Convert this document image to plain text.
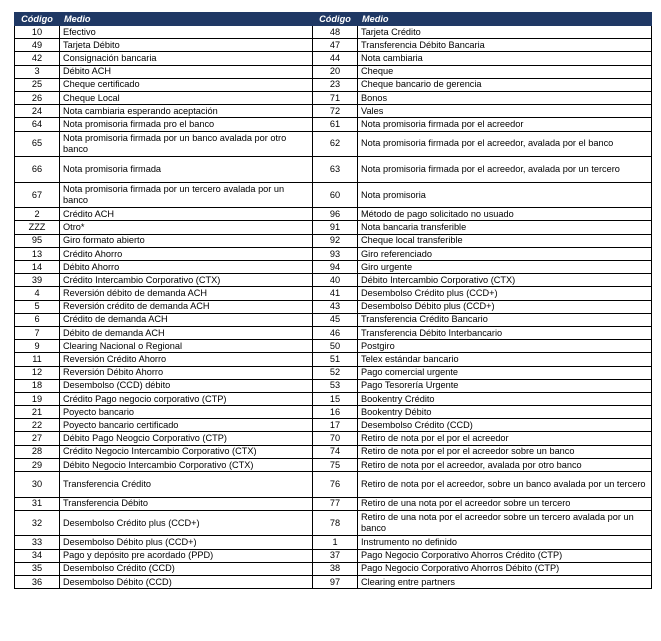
Código	Medio	Código	Medio
10	Efectivo	48	Tarjeta Crédito
49	Tarjeta Débito	47	Transferencia Débito Bancaria
42	Consignación bancaria	44	Nota cambiaria
3	Débito ACH	20	Cheque
25	Cheque certificado	23	Cheque bancario de gerencia
26	Cheque Local	71	Bonos
24	Nota cambiaria esperando aceptación	72	Vales
64	Nota promisoria firmada pro el banco	61	Nota promisoria firmada por el acreedor
65	Nota promisoria firmada por un banco avalada por otro banco	62	Nota promisoria firmada por el acreedor, avalada por el banco
66	Nota promisoria firmada	63	Nota promisoria firmada por el acreedor, avalada por un tercero
67	Nota promisoria firmada por un tercero avalada por un banco	60	Nota promisoria
2	Crédito ACH	96	Método de pago solicitado no usuado
ZZZ	Otro*	91	Nota bancaria transferible
95	Giro formato abierto	92	Cheque local transferible
13	Crédito Ahorro	93	Giro referenciado
14	Débito Ahorro	94	Giro urgente
39	Crédito Intercambio Corporativo (CTX)	40	Débito Intercambio Corporativo (CTX)
4	Reversión débito de demanda ACH	41	Desembolso Crédito plus (CCD+)
5	Reversión crédito de demanda ACH	43	Desembolso Débito plus (CCD+)
6	Crédito de demanda ACH	45	Transferencia Crédito Bancario
7	Débito de demanda ACH	46	Transferencia Débito Interbancario
9	Clearing Nacional o Regional	50	Postgiro
11	Reversión Crédito Ahorro	51	Telex estándar bancario
12	Reversión Débito Ahorro	52	Pago comercial urgente
18	Desembolso (CCD) débito	53	Pago Tesorería Urgente
19	Crédito Pago negocio corporativo (CTP)	15	Bookentry Crédito
21	Poyecto bancario	16	Bookentry Débito
22	Poyecto bancario certificado	17	Desembolso Crédito (CCD)
27	Débito Pago Neogcio Corporativo (CTP)	70	Retiro de nota por el por el acreedor
28	Crédito Negocio Intercambio Corporativo (CTX)	74	Retiro de nota por el por el acreedor sobre un banco
29	Débito Negocio Intercambio Corporativo (CTX)	75	Retiro de nota por el acreedor, avalada por otro banco
30	Transferencia Crédito	76	Retiro de nota por el acreedor, sobre un banco avalada por un tercero
31	Transferencia Débito	77	Retiro de una nota por el acreedor sobre un tercero
32	Desembolso Crédito plus (CCD+)	78	Retiro de una nota por el acreedor sobre un tercero avalada por un banco
33	Desembolso Débito plus (CCD+)	1	Instrumento no definido
34	Pago y depósito pre acordado (PPD)	37	Pago Negocio Corporativo Ahorros Crédito (CTP)
35	Desembolso Crédito (CCD)	38	Pago Negocio Corporativo Ahorros Débito (CTP)
36	Desembolso Débito (CCD)	97	Clearing entre partners
